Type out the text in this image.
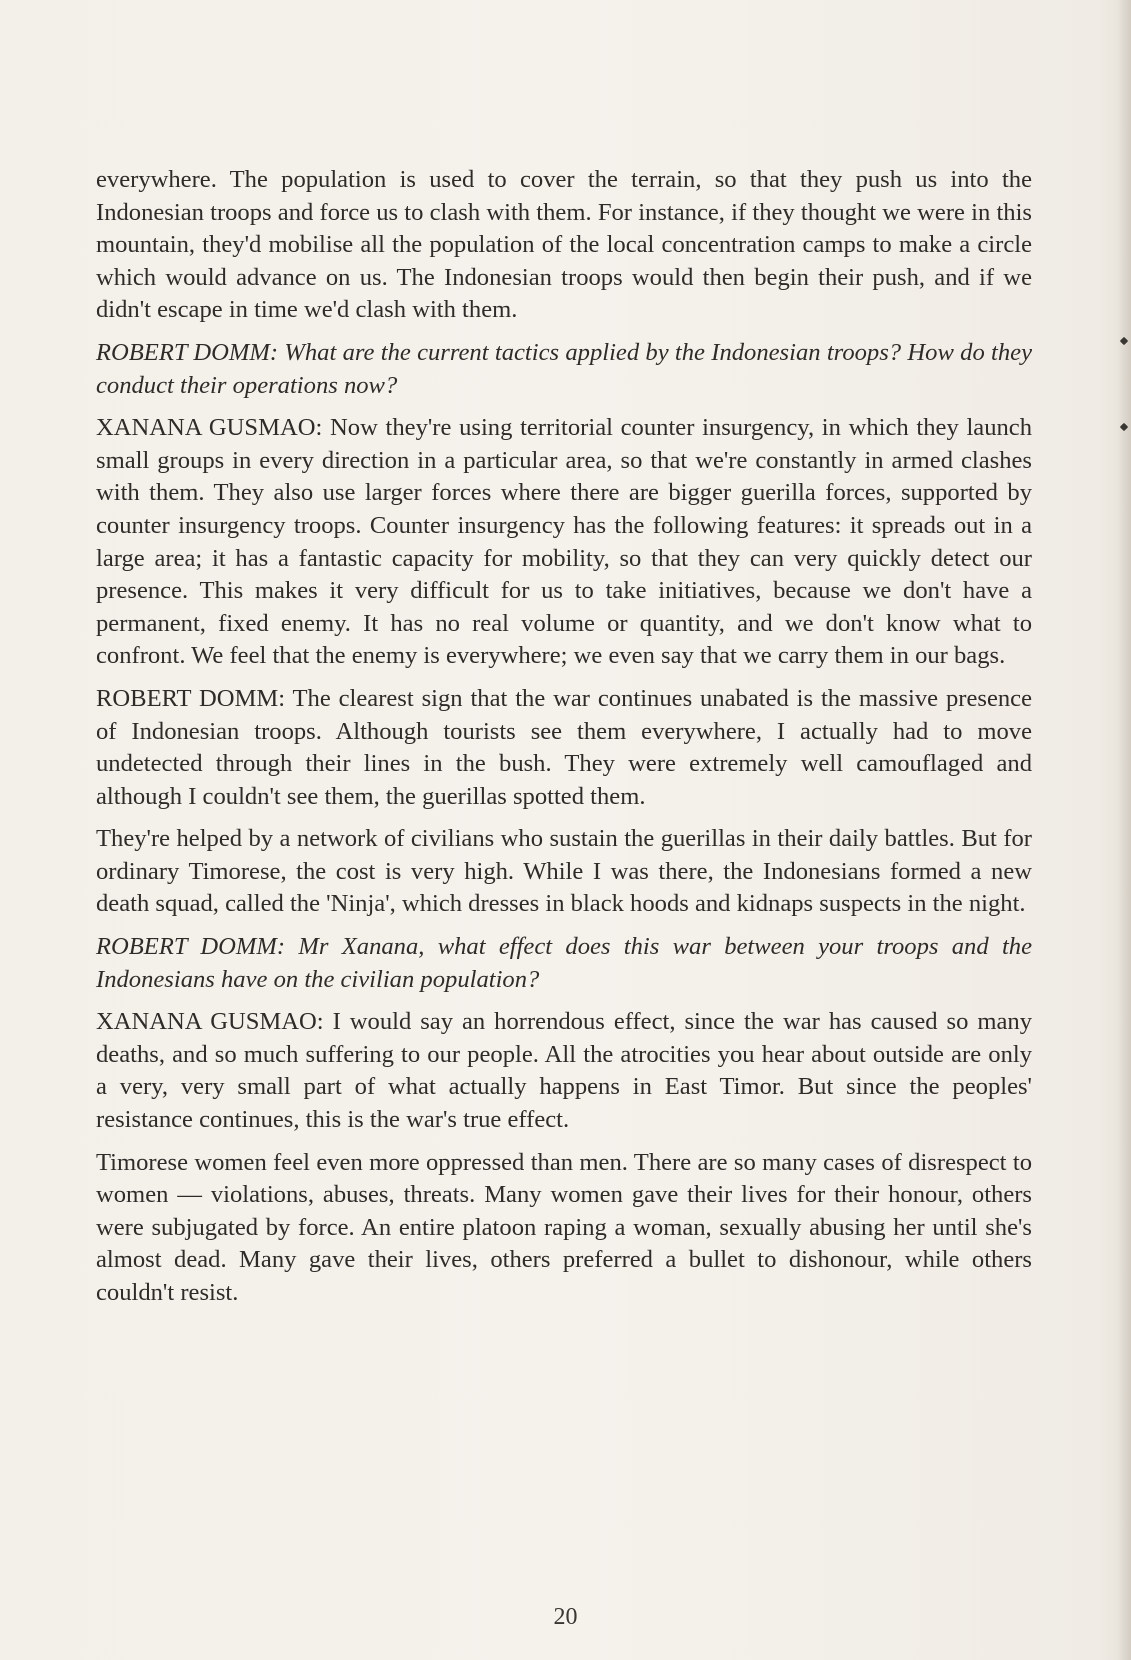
everywhere. The population is used to cover the terrain, so that they push us into the Indonesian troops and force us to clash with them. For instance, if they thought we were in this mountain, they'd mobilise all the population of the local concentration camps to make a circle which would advance on us. The Indonesian troops would then begin their push, and if we didn't escape in time we'd clash with them.

ROBERT DOMM: What are the current tactics applied by the Indonesian troops? How do they conduct their operations now?

XANANA GUSMAO: Now they're using territorial counter insurgency, in which they launch small groups in every direction in a particular area, so that we're constantly in armed clashes with them. They also use larger forces where there are bigger guerilla forces, supported by counter insurgency troops. Counter insurgency has the following features: it spreads out in a large area; it has a fantastic capacity for mobility, so that they can very quickly detect our presence. This makes it very difficult for us to take initiatives, because we don't have a permanent, fixed enemy. It has no real volume or quantity, and we don't know what to confront. We feel that the enemy is everywhere; we even say that we carry them in our bags.

ROBERT DOMM: The clearest sign that the war continues unabated is the massive presence of Indonesian troops. Although tourists see them everywhere, I actually had to move undetected through their lines in the bush. They were extremely well camouflaged and although I couldn't see them, the guerillas spotted them.

They're helped by a network of civilians who sustain the guerillas in their daily battles. But for ordinary Timorese, the cost is very high. While I was there, the Indonesians formed a new death squad, called the 'Ninja', which dresses in black hoods and kidnaps suspects in the night.

ROBERT DOMM: Mr Xanana, what effect does this war between your troops and the Indonesians have on the civilian population?

XANANA GUSMAO: I would say an horrendous effect, since the war has caused so many deaths, and so much suffering to our people. All the atrocities you hear about outside are only a very, very small part of what actually happens in East Timor. But since the peoples' resistance continues, this is the war's true effect.

Timorese women feel even more oppressed than men. There are so many cases of disrespect to women — violations, abuses, threats. Many women gave their lives for their honour, others were subjugated by force. An entire platoon raping a woman, sexually abusing her until she's almost dead. Many gave their lives, others preferred a bullet to dishonour, while others couldn't resist.

20
